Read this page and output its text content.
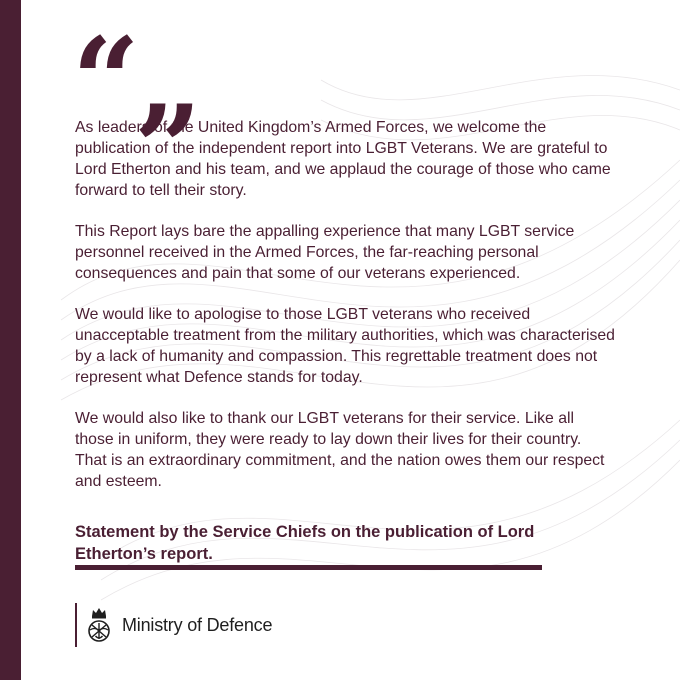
“„

As leaders of the United Kingdom’s Armed Forces, we welcome the publication of the independent report into LGBT Veterans. We are grateful to Lord Etherton and his team, and we applaud the courage of those who came forward to tell their story.

This Report lays bare the appalling experience that many LGBT service personnel received in the Armed Forces, the far-reaching personal consequences and pain that some of our veterans experienced.

We would like to apologise to those LGBT veterans who received unacceptable treatment from the military authorities, which was characterised by a lack of humanity and compassion. This regrettable treatment does not represent what Defence stands for today.

We would also like to thank our LGBT veterans for their service. Like all those in uniform, they were ready to lay down their lives for their country. That is an extraordinary commitment, and the nation owes them our respect and esteem.

Statement by the Service Chiefs on the publication of Lord Etherton’s report.
Ministry of Defence
